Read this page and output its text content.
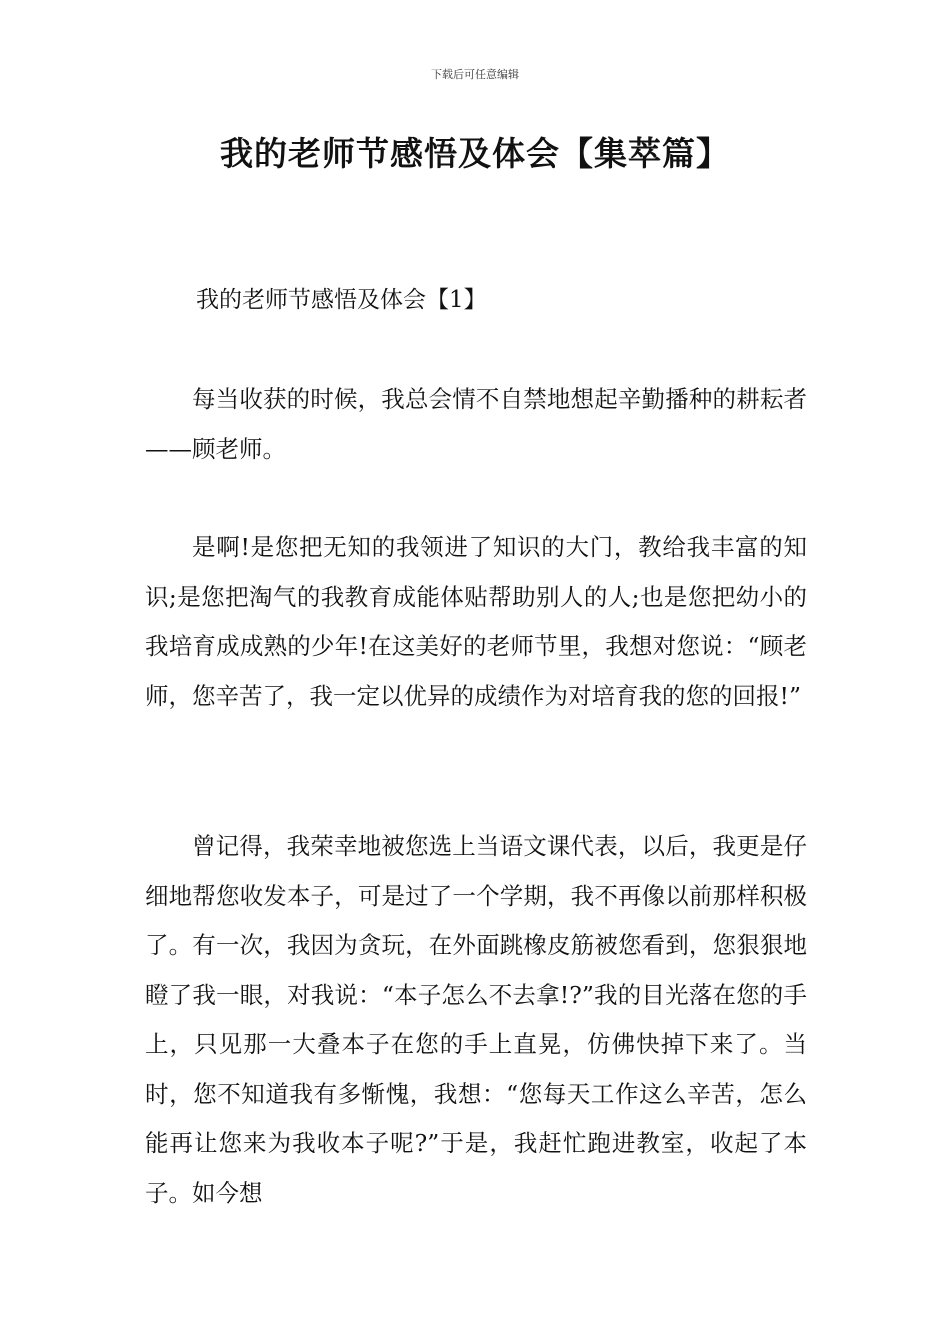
下载后可任意编辑
我的老师节感悟及体会【集萃篇】
我的老师节感悟及体会【1】

每当收获的时候，我总会情不自禁地想起辛勤播种的耕耘者——顾老师。

是啊!是您把无知的我领进了知识的大门，教给我丰富的知识;是您把淘气的我教育成能体贴帮助别人的人;也是您把幼小的我培育成成熟的少年!在这美好的老师节里，我想对您说：“顾老师，您辛苦了，我一定以优异的成绩作为对培育我的您的回报!”

曾记得，我荣幸地被您选上当语文课代表，以后，我更是仔细地帮您收发本子，可是过了一个学期，我不再像以前那样积极了。有一次，我因为贪玩，在外面跳橡皮筋被您看到，您狠狠地瞪了我一眼，对我说：“本子怎么不去拿!?”我的目光落在您的手上，只见那一大叠本子在您的手上直晃，仿佛快掉下来了。当时，您不知道我有多惭愧，我想：“您每天工作这么辛苦，怎么能再让您来为我收本子呢?”于是，我赶忙跑进教室，收起了本子。如今想
